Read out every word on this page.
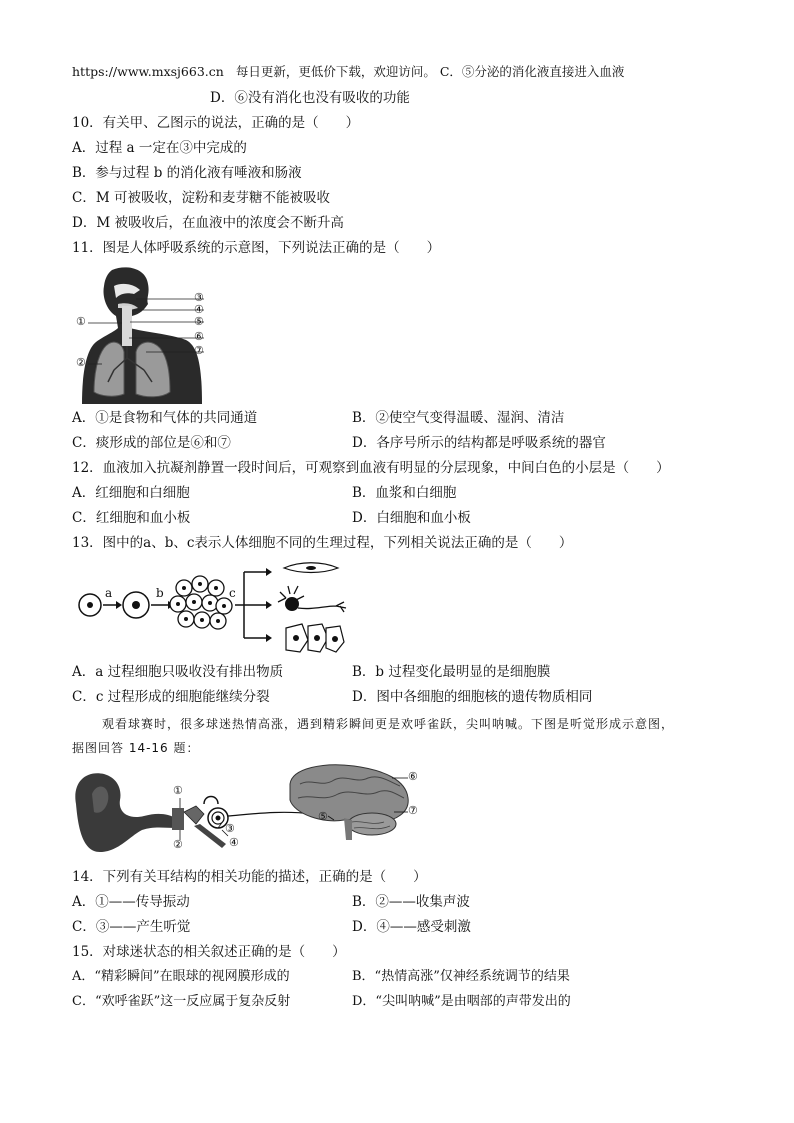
https://www.mxsj663.cn 每日更新，更低价下载，欢迎访问。 C．⑤分泌的消化液直接进入血液
D．⑥没有消化也没有吸收的功能
10．有关甲、乙图示的说法，正确的是（　　）
A．过程 a 一定在③中完成的
B．参与过程 b 的消化液有唾液和肠液
C．M 可被吸收，淀粉和麦芽糖不能被吸收
D．M 被吸收后，在血液中的浓度会不断升高
11．图是人体呼吸系统的示意图，下列说法正确的是（　　）
③
④
⑤
⑥
⑦
①
②
A．①是食物和气体的共同通道	B．②使空气变得温暖、湿润、清洁
C．痰形成的部位是⑥和⑦	D．各序号所示的结构都是呼吸系统的器官
12．血液加入抗凝剂静置一段时间后，可观察到血液有明显的分层现象，中间白色的小层是（　　）
A．红细胞和白细胞	B．血浆和白细胞
C．红细胞和血小板	D．白细胞和血小板
13．图中的a、b、c表示人体细胞不同的生理过程，下列相关说法正确的是（　　）
a	b	c
A．a 过程细胞只吸收没有排出物质	B．b 过程变化最明显的是细胞膜
C．c 过程形成的细胞能继续分裂	D．图中各细胞的细胞核的遗传物质相同
观看球赛时，很多球迷热情高涨，遇到精彩瞬间更是欢呼雀跃，尖叫呐喊。下图是听觉形成示意图，
据图回答 14-16 题：
①
②
③
④
⑤
⑥
⑦
14．下列有关耳结构的相关功能的描述，正确的是（　　）
A．①——传导振动	B．②——收集声波
C．③——产生听觉	D．④——感受刺激
15．对球迷状态的相关叙述正确的是（　　）
A．“精彩瞬间”在眼球的视网膜形成的	B．“热情高涨”仅神经系统调节的结果
C．“欢呼雀跃”这一反应属于复杂反射	D．“尖叫呐喊”是由咽部的声带发出的
